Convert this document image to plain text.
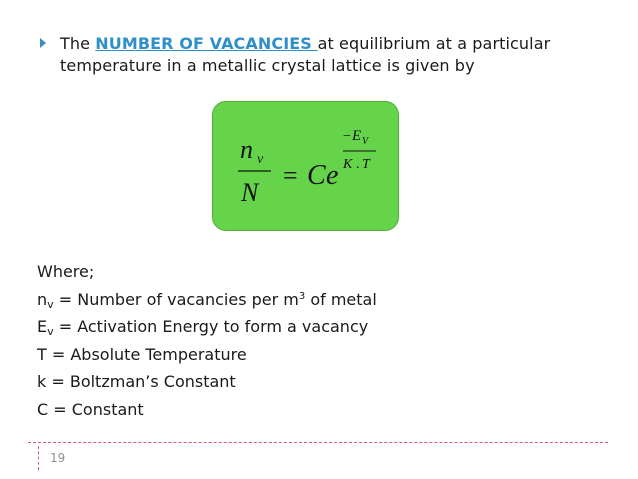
The NUMBER OF VACANCIES at equilibrium at a particular
temperature in a metallic crystal lattice is given by
n v
N
= C e
− E V
K . T
Where;
$n_v$ = Number of vacancies per $m^3$ of metal
$E_v$ = Activation Energy to form a vacancy
T = Absolute Temperature
k = Boltzman’s Constant
C = Constant
19
